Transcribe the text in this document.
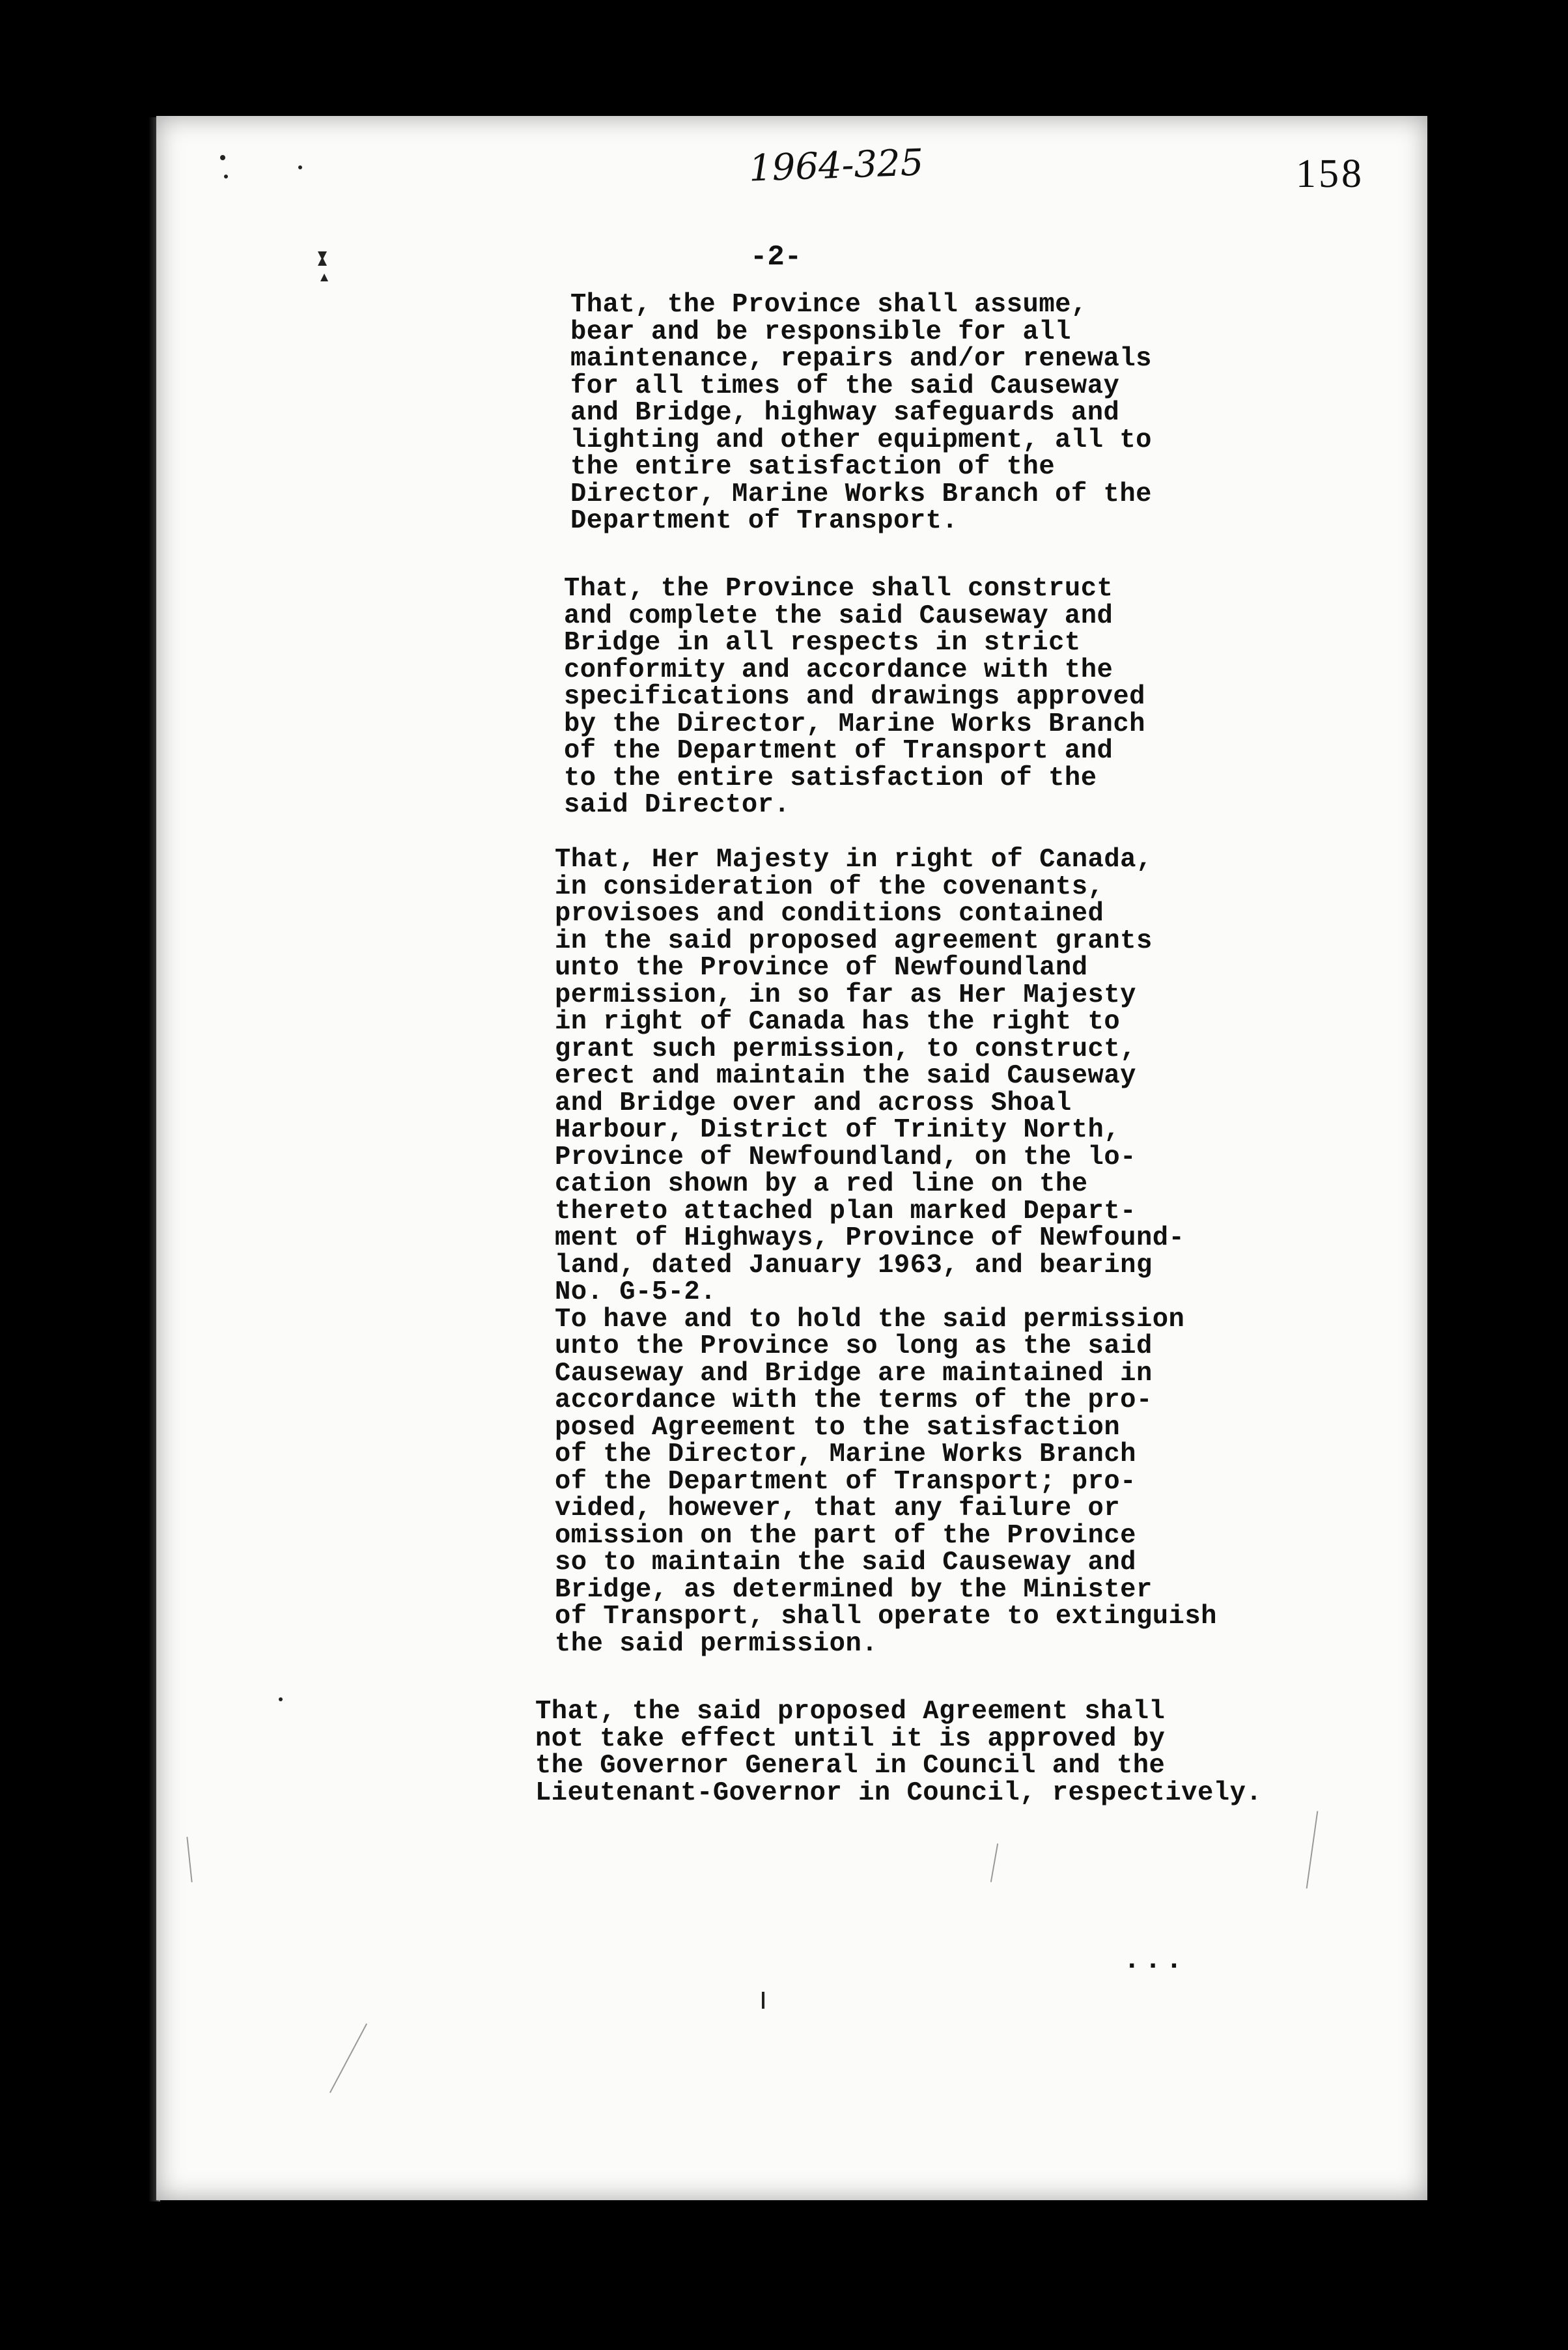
1964-325	158
-2-

That, the Province shall assume,
bear and be responsible for all
maintenance, repairs and/or renewals
for all times of the said Causeway
and Bridge, highway safeguards and
lighting and other equipment, all to
the entire satisfaction of the
Director, Marine Works Branch of the
Department of Transport.

That, the Province shall construct
and complete the said Causeway and
Bridge in all respects in strict
conformity and accordance with the
specifications and drawings approved
by the Director, Marine Works Branch
of the Department of Transport and
to the entire satisfaction of the
said Director.

That, Her Majesty in right of Canada,
in consideration of the covenants,
provisoes and conditions contained
in the said proposed agreement grants
unto the Province of Newfoundland
permission, in so far as Her Majesty
in right of Canada has the right to
grant such permission, to construct,
erect and maintain the said Causeway
and Bridge over and across Shoal
Harbour, District of Trinity North,
Province of Newfoundland, on the lo-
cation shown by a red line on the
thereto attached plan marked Depart-
ment of Highways, Province of Newfound-
land, dated January 1963, and bearing
No. G-5-2.
To have and to hold the said permission
unto the Province so long as the said
Causeway and Bridge are maintained in
accordance with the terms of the pro-
posed Agreement to the satisfaction
of the Director, Marine Works Branch
of the Department of Transport; pro-
vided, however, that any failure or
omission on the part of the Province
so to maintain the said Causeway and
Bridge, as determined by the Minister
of Transport, shall operate to extinguish
the said permission.

That, the said proposed Agreement shall
not take effect until it is approved by
the Governor General in Council and the
Lieutenant-Governor in Council, respectively.

...
